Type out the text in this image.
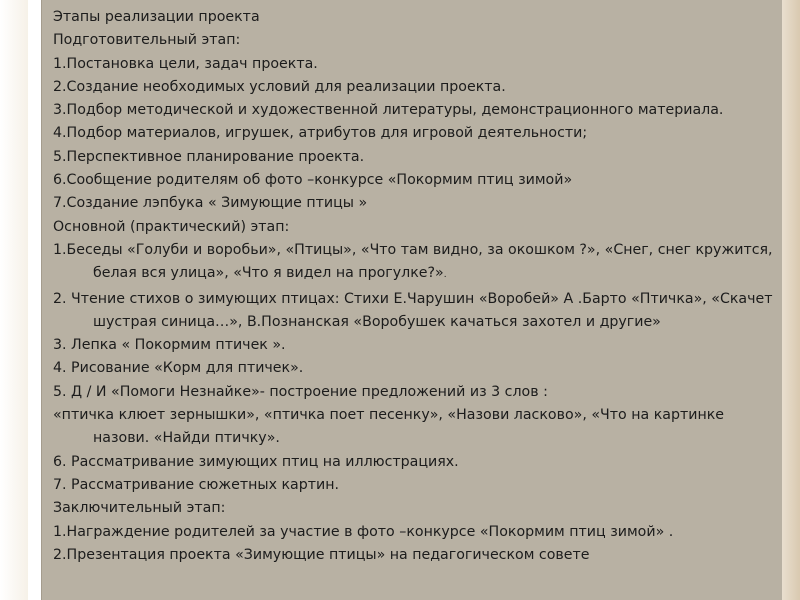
Этапы реализации проекта
Подготовительный этап:
1.Постановка цели, задач проекта.
2.Создание необходимых условий для реализации проекта.
3.Подбор методической и художественной литературы, демонстрационного материала.
4.Подбор материалов, игрушек, атрибутов для игровой деятельности;
5.Перспективное планирование проекта.
6.Сообщение родителям об фото –конкурсе «Покормим птиц зимой»
7.Создание лэпбука « Зимующие птицы »
Основной (практический) этап:
1.Беседы «Голуби и воробьи», «Птицы», «Что там видно, за окошком ?», «Снег, снег кружится, белая вся улица», «Что я видел на прогулке?».
2. Чтение стихов о зимующих птицах: Стихи Е.Чарушин «Воробей» А .Барто «Птичка», «Скачет шустрая синица…», В.Познанская «Воробушек качаться захотел и другие»
3. Лепка « Покормим птичек ».
4. Рисование «Корм для птичек».
5. Д / И «Помоги Незнайке»- построение предложений из 3 слов :
«птичка клюет зернышки», «птичка поет песенку», «Назови ласково», «Что на картинке назови. «Найди птичку».
6. Рассматривание зимующих птиц на иллюстрациях.
7. Рассматривание сюжетных картин.
Заключительный этап:
1.Награждение родителей за участие в фото –конкурсе «Покормим птиц зимой» .
